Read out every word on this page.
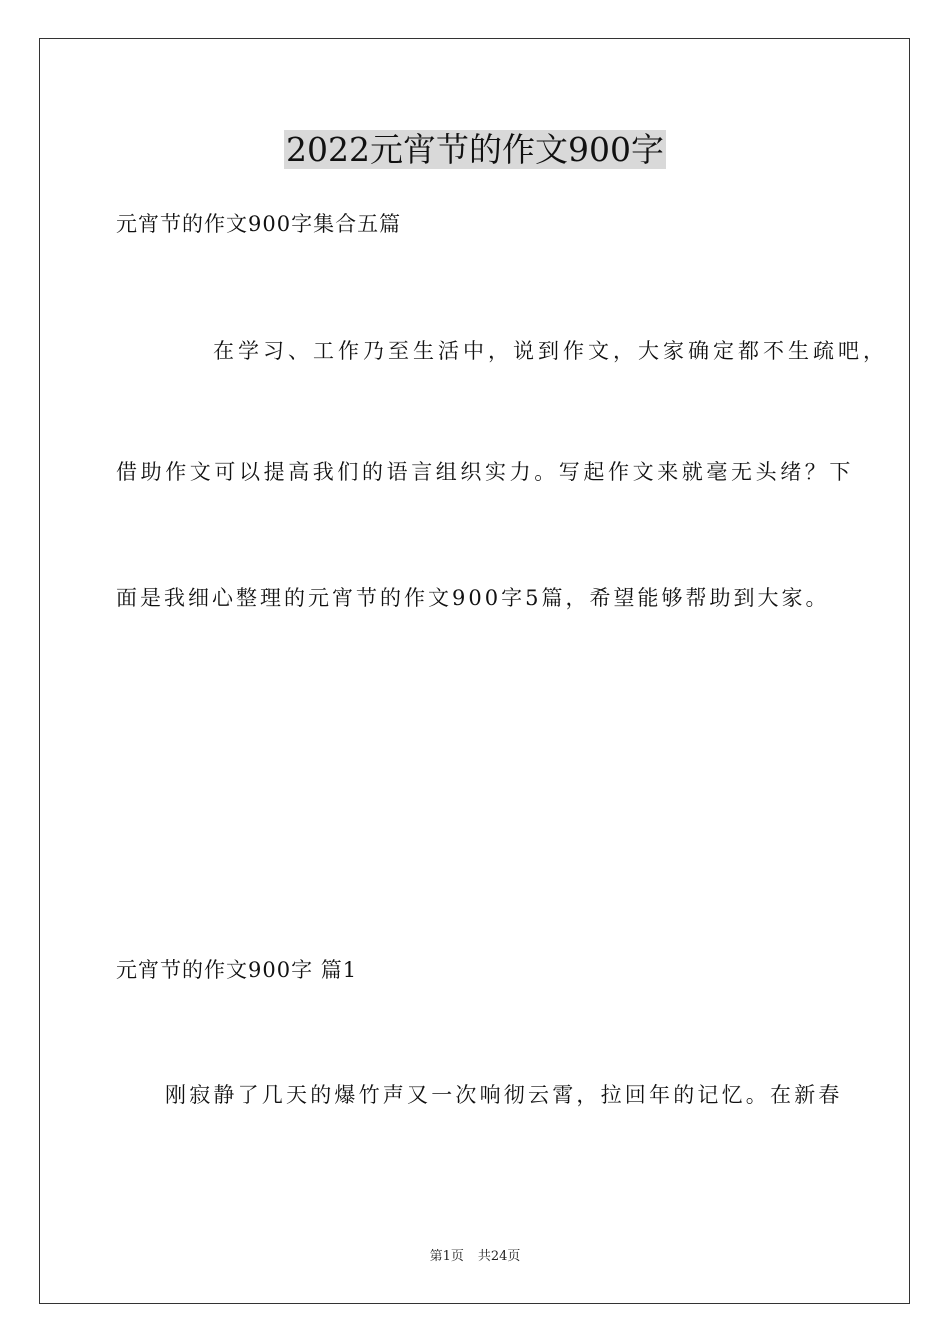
2022元宵节的作文900字

元宵节的作文900字集合五篇

在学习、工作乃至生活中，说到作文，大家确定都不生疏吧，

借助作文可以提高我们的语言组织实力。写起作文来就毫无头绪？下

面是我细心整理的元宵节的作文900字5篇，希望能够帮助到大家。

元宵节的作文900字 篇1

刚寂静了几天的爆竹声又一次响彻云霄，拉回年的记忆。在新春

第1页 共24页
